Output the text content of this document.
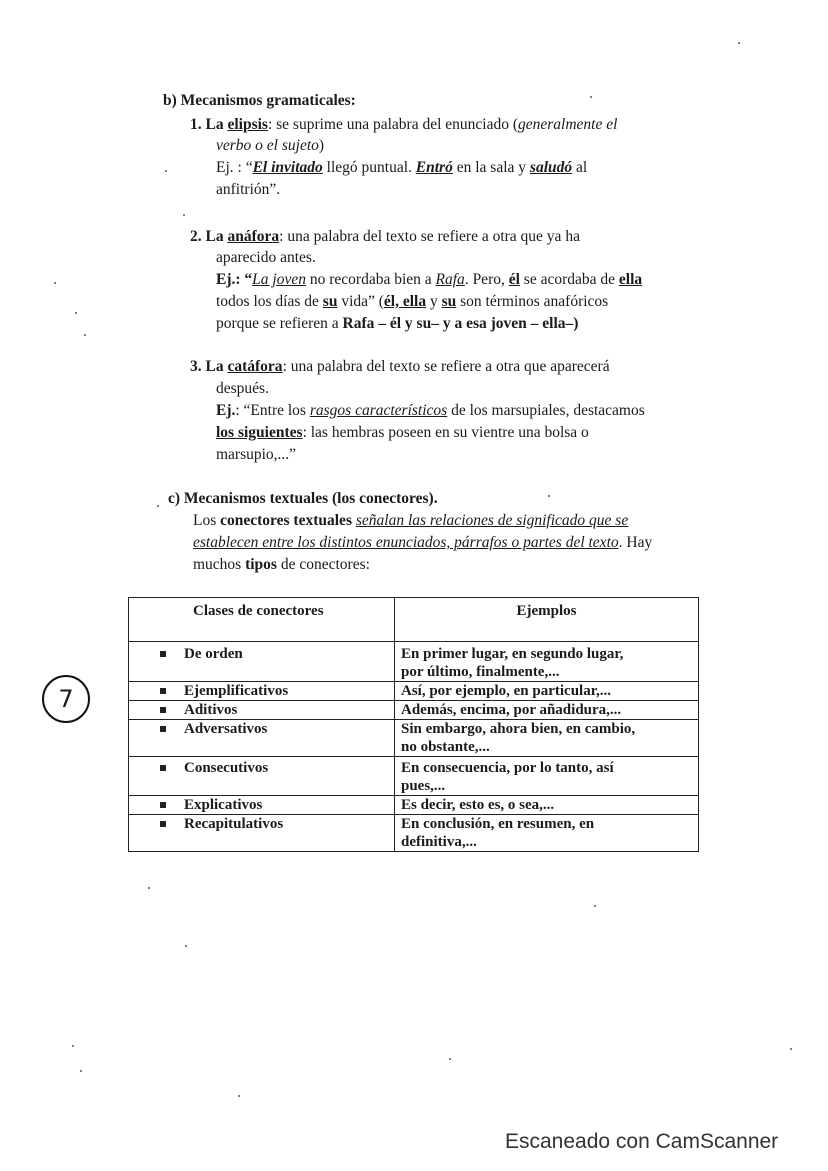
b) Mecanismos gramaticales:
1. La elipsis: se suprime una palabra del enunciado (generalmente el
verbo o el sujeto)
Ej. : “El invitado llegó puntual. Entró en la sala y saludó al
anfitrión”.
2. La anáfora: una palabra del texto se refiere a otra que ya ha
aparecido antes.
Ej.: “La joven no recordaba bien a Rafa. Pero, él se acordaba de ella
todos los días de su vida” (él, ella y su son términos anafóricos
porque se refieren a Rafa – él y su– y a esa joven – ella–)
3. La catáfora: una palabra del texto se refiere a otra que aparecerá
después.
Ej.: “Entre los rasgos característicos de los marsupiales, destacamos
los siguientes: las hembras poseen en su vientre una bolsa o
marsupio,...”
c) Mecanismos textuales (los conectores).
Los conectores textuales señalan las relaciones de significado que se
establecen entre los distintos enunciados, párrafos o partes del texto. Hay
muchos tipos de conectores:
Clases de conectores	Ejemplos
De orden	En primer lugar, en segundo lugar,
por último, finalmente,...
Ejemplificativos	Así, por ejemplo, en particular,...
Aditivos	Además, encima, por añadidura,...
Adversativos	Sin embargo, ahora bien, en cambio,
no obstante,...
Consecutivos	En consecuencia, por lo tanto, así
pues,...
Explicativos	Es decir, esto es, o sea,...
Recapitulativos	En conclusión, en resumen, en
definitiva,...
7
Escaneado con CamScanner
